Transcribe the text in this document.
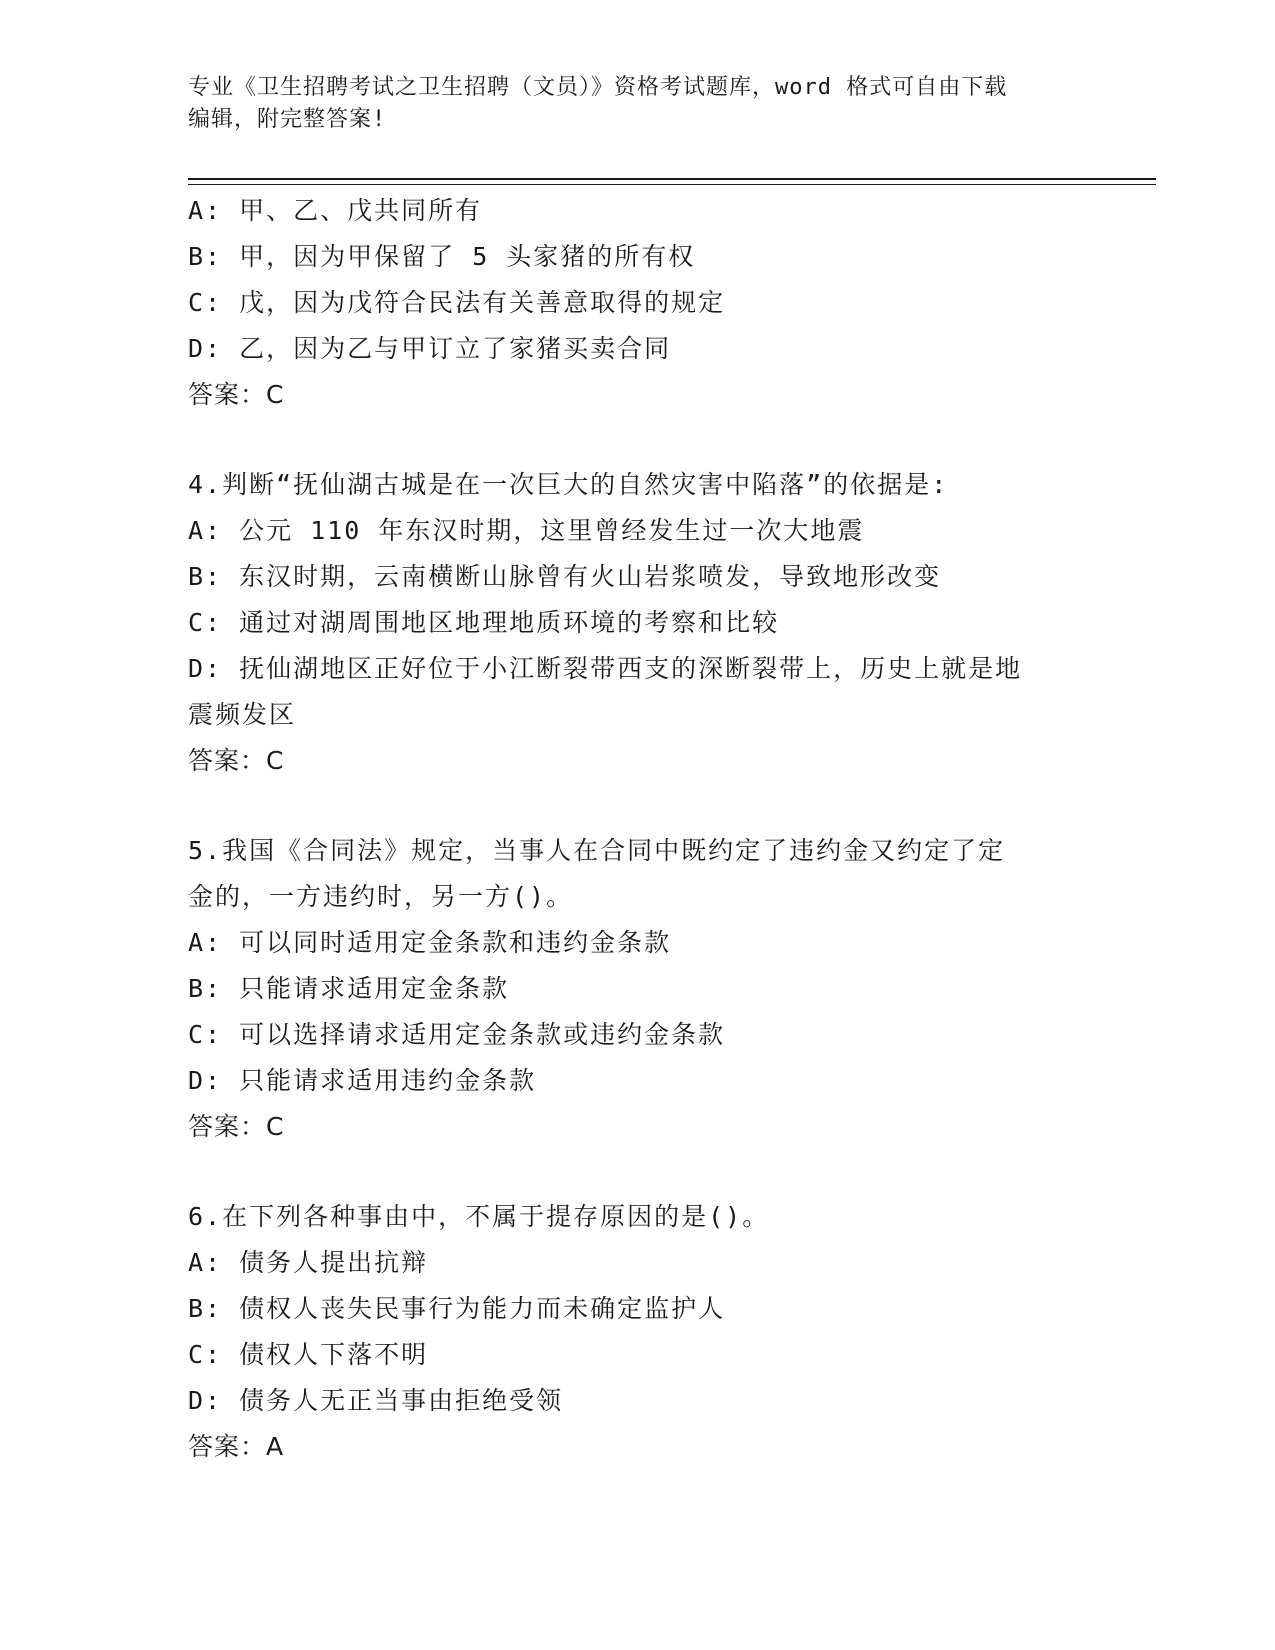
专业《卫生招聘考试之卫生招聘（文员）》资格考试题库，word 格式可自由下载
编辑，附完整答案!
A: 甲、乙、戊共同所有
B: 甲，因为甲保留了 5 头家猪的所有权
C: 戊，因为戊符合民法有关善意取得的规定
D: 乙，因为乙与甲订立了家猪买卖合同
答案：C
4.判断“抚仙湖古城是在一次巨大的自然灾害中陷落”的依据是:
A: 公元 110 年东汉时期，这里曾经发生过一次大地震
B: 东汉时期，云南横断山脉曾有火山岩浆喷发，导致地形改变
C: 通过对湖周围地区地理地质环境的考察和比较
D: 抚仙湖地区正好位于小江断裂带西支的深断裂带上，历史上就是地
震频发区
答案：C
5.我国《合同法》规定，当事人在合同中既约定了违约金又约定了定
金的，一方违约时，另一方()。
A: 可以同时适用定金条款和违约金条款
B: 只能请求适用定金条款
C: 可以选择请求适用定金条款或违约金条款
D: 只能请求适用违约金条款
答案：C
6.在下列各种事由中，不属于提存原因的是()。
A: 债务人提出抗辩
B: 债权人丧失民事行为能力而未确定监护人
C: 债权人下落不明
D: 债务人无正当事由拒绝受领
答案：A
